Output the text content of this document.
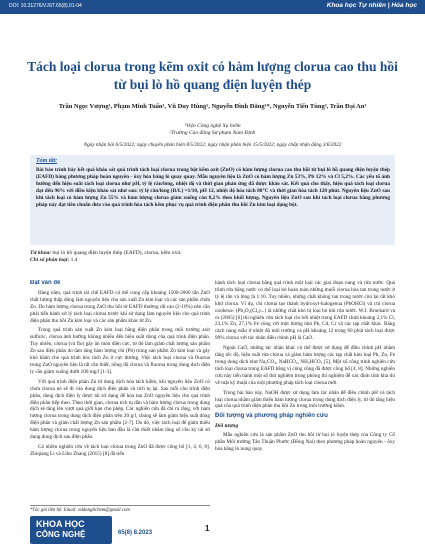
DOI: 10.31276/VJST.65(8).01-04	Khoa học Tự nhiên | Hóa học
Tách loại clorua trong kẽm oxit có hàm lượng clorua cao thu hồi từ bụi lò hồ quang điện luyện thép
Trần Ngọc Vượng¹, Phạm Minh Tuấn¹, Vũ Duy Hùng¹, Nguyễn Đình Đăng¹*, Nguyễn Tiến Tùng², Trần Đại An³
¹Viện Công nghệ Xạ hiếm
²Trường Cao đẳng Sư phạm Nam Định
Ngày nhận bài 6/5/2022; ngày chuyển phản biện 8/5/2022; ngày nhận phản biện 15/5/2022; ngày chấp nhận đăng 3/6/2022
Tóm tắt:
Bài báo trình bày kết quả khảo sát quá trình tách loại clorua trong bột kẽm oxit (ZnO) có hàm lượng clorua cao thu hồi từ bụi lò hồ quang điện luyện thép (EAFD) bằng phương pháp hoàn nguyên - ôxy hóa bằng lò quay quay. Mẫu nguyên liệu là ZnO có hàm lượng Zn 53%, Pb 12% và Cl 5,2%. Các yếu tố ảnh hưởng đến hiệu suất tách loại clorua như pH, tỷ lệ rắn/lỏng, nhiệt độ và thời gian phản ứng đã được khảo sát. Kết quả cho thấy, hiệu quả tách loại clorua đạt đến 96% với điều kiện khảo sát như sau: tỷ lệ rắn/lỏng (R/L) =1/10, pH 12, nhiệt độ hòa tách 80°C và thời gian hòa tách 120 phút. Nguyên liệu ZnO sau khi tách loại có hàm lượng Zn 55% và hàm lượng clorua giảm xuống còn 0,2% theo khối lượng. Nguyên liệu ZnO sau khi tách loại clorua bằng phương pháp này đạt tiêu chuẩn đưa vào quá trình hòa tách kẽm phục vụ quá trình điện phân thu hồi Zn kim loại dạng bột.
Từ khóa: bụi lò hồ quang điện luyện thép (EAFD), clorua, kẽm oxit.
Chỉ số phân loại: 1.4
Đặt vấn đề

Hàng năm, quá trình tái chế EAFD có thể cung cấp khoảng 1500-2000 tấn ZnO chất lượng thấp dùng làm nguyên liệu cho sản xuất Zn kim loại và các sản phẩm chứa Zn. Do hàm lượng clorua trong ZnO thu hồi từ EAFD thường rất cao (2-10%) nên cần phải tiến hành xử lý tách loại clorua trước khi sử dụng làm nguyên liệu cho quá trình điện phân thu hồi Zn kim loại và các sản phẩm khác từ Zn.

Trong quá trình sản xuất Zn kim loại bằng điện phân trong môi trường axit sulfuric, clorua ảnh hưởng không nhiều đến hiệu suất dòng của quá trình điện phân. Tuy nhiên, clorua (và flo) gây ăn mòn điện cực, từ đó làm giảm chất lượng sản phẩm Zn sau điện phân do làm tăng hàm lượng chì (Pb) trong sản phẩm Zn kim loại và gây khó khăn cho quá trình bóc tách Zn ở cực dương. Việc tách loại clorua và fluorua trong ZnO nguyên liệu là rất cần thiết, nồng độ clorua và fluorua trong dung dịch điện ly cần giảm xuống dưới 100 mg/l [1-3].

Với quá trình điện phân Zn từ dung dịch hòa tách kiềm, khi nguyên liệu ZnO có chứa clorua nó sẽ đi vào dung dịch điện phân và tích tụ lại. Sau mỗi chu trình điện phân, dung dịch điện ly được tái sử dụng để hòa tan ZnO nguyên liệu cho quá trình điện phân tiếp theo. Theo thời gian, clorua tích tụ dần và hàm lượng clorua trong dung dịch sẽ tăng lên vượt quá giới hạn cho phép. Các nghiên cứu đã chỉ ra rằng, với hàm lượng clorua trong dung dịch điện phân trên 20 g/l, chúng sẽ làm giảm hiệu suất dòng điện phân và giảm chất lượng Zn sản phẩm [2-7]. Do đó, việc tách loại để giảm thiểu hàm lượng clorua trong nguyên liệu ban đầu là cần thiết nhằm tăng số chu kỳ tái sử dụng dung dịch sau điện phân.

Có nhiều nghiên cứu về tách loại clorua trong ZnO đã được công bố [1, 4, 6, 8]. Zhiqiang Li và Libo Zhang (2015) [8] đã tiến

hành tách loại clorua bằng quá trình một loại các giai đoạn nung và rửa nước. Quá trình rửa bằng nước có thể loại bỏ hoàn toàn những muối clorua hòa tan trong nước ở tỷ lệ rắn và lỏng là 1:10. Tuy nhiên, những chất không tan trong nước còn lại rất khó khử clorua. Ví dụ, chì clorua tạo thành hydroxyl-halogenua (PbOHCl) và chì clorua oxohexa- (Pb₂O₂(Cl₂)...) là những chất khó bị loại bỏ khi rửa nước. W.J. Bruckard và cs (2005) [6] thì nghiên cứu tách loại clo bởi nhiệt trong EAFD chứa khoảng 2,1% Cl, 23,1% Zn, 27,1% Fe cùng với một lượng nhỏ Pb, Cd, Cr và các tạp chất khác. Bằng cách nung mẫu ở nhiệt độ môi trường và pH khoảng 12 trong 60 phút tách loại được 99% clorua với tác nhân điều chỉnh pH là CaO.

Ngoài CaO, những tác nhân khác có thể được sử dụng để điều chỉnh pH nhằm tăng tốc độ, hiệu suất rửa clorua và giảm hàm lượng các tạp chất kim loại Pb, Zn, Fe trong dung dịch như Na₂CO₃, NaHCO₃, NH₄HCO₃ [5]. Một số công trình nghiên cứu tách loại clorua trong EAFD bằng vị công cũng đã được công bố [4, 8]. Những nghiên cứu này tiến hành một số thử nghiệm trong phòng thí nghiệm để xác định tính khả thi về mặt kỹ thuật của một phương pháp tách loại clorua mới.

Trong bài báo này, NaOH được sử dụng làm tác nhân để điều chỉnh pH và tách loại clorua nhằm giảm thiểu hàm lượng clorua trong dung dịch điện ly, từ đó tăng hiệu quả của quá trình điện phân thu hồi Zn trong môi trường kiềm.

Đối tượng và phương pháp nghiên cứu
Đối tượng

Mẫu nghiên cứu là sản phẩm ZnO thu hồi từ bụi lò luyện thép của Công ty Cổ phần Môi trường Tân Thuận Phước (Đồng Nai) theo phương pháp hoàn nguyên - ôxy hóa bằng lò nung quay.

*Tác giả liên hệ: Email: nddangtichem@gmail.com
KHOA HỌC
CÔNG NGHỆ	65(8) 8.2023	1
